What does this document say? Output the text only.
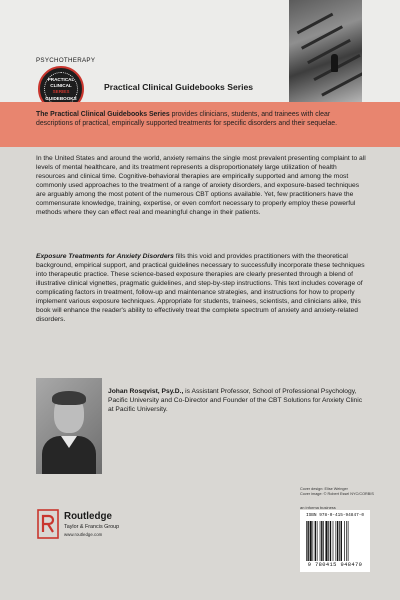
PSYCHOTHERAPY
PRACTICAL
CLINICAL
SERIES
GUIDEBOOKS
Practical Clinical Guidebooks Series

The Practical Clinical Guidebooks Series provides clinicians, students, and trainees with clear descriptions of practical, empirically supported treatments for specific disorders and their sequelae.

In the United States and around the world, anxiety remains the single most prevalent presenting complaint to all levels of mental healthcare, and its treatment represents a disproportionately large utilization of health resources and clinical time. Cognitive-behavioral therapies are empirically supported and among the most commonly used approaches to the treatment of a range of anxiety disorders, and exposure-based techniques are arguably among the most potent of the numerous CBT options available. Yet, few practitioners have the commensurate knowledge, training, expertise, or even comfort necessary to properly employ these powerful methods where they can effect real and meaningful change in their patients.

Exposure Treatments for Anxiety Disorders fills this void and provides practitioners with the theoretical background, empirical support, and practical guidelines necessary to successfully incorporate these techniques into therapeutic practice. These science-based exposure therapies are clearly presented through a blend of illustrative clinical vignettes, pragmatic guidelines, and step-by-step instructions. This text includes coverage of complicating factors in treatment, follow-up and maintenance strategies, and instructions for how to properly implement various exposure techniques. Appropriate for students, trainees, scientists, and clinicians alike, this book will enhance the reader's ability to effectively treat the complete spectrum of anxiety and anxiety-related disorders.

Johan Rosqvist, Psy.D., is Assistant Professor, School of Professional Psychology, Pacific University and Co-Director and Founder of the CBT Solutions for Anxiety Clinic at Pacific University.

Cover design: Elise Weinger
Cover image: © Robert Essel NYC/CORBIS
Routledge
Taylor & Francis Group
www.routledge.com
an informa business
ISBN 978-0-415-94847-0
9 780415 948470
